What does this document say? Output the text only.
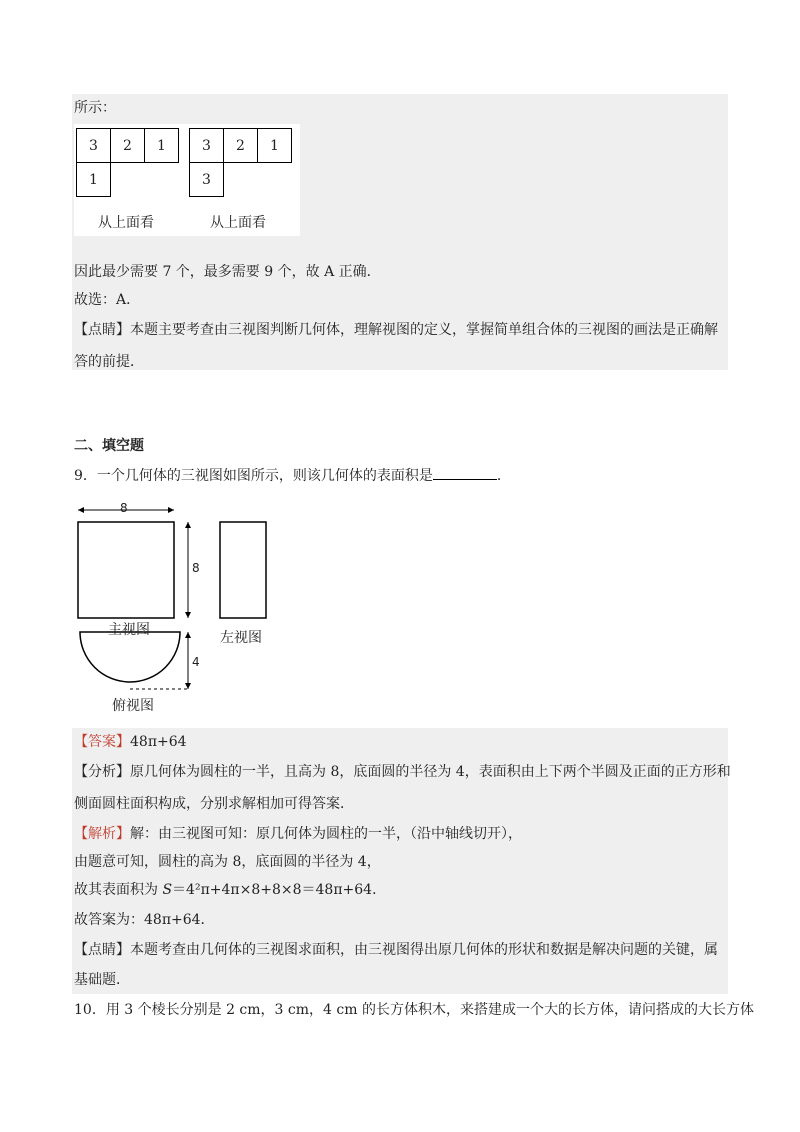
所示：
3	2	1
1
从上面看
3	2	1
3
从上面看
因此最少需要 7 个，最多需要 9 个，故 A 正确．
故选：A．
【点睛】本题主要考查由三视图判断几何体，理解视图的定义，掌握简单组合体的三视图的画法是正确解
答的前提．
二、填空题
9．一个几何体的三视图如图所示，则该几何体的表面积是	．
8
8
4
主视图	左视图
俯视图
【答案】48π+64
【分析】原几何体为圆柱的一半，且高为 8，底面圆的半径为 4，表面积由上下两个半圆及正面的正方形和
侧面圆柱面积构成，分别求解相加可得答案．
【解析】解：由三视图可知：原几何体为圆柱的一半，（沿中轴线切开），
由题意可知，圆柱的高为 8，底面圆的半径为 4，
故其表面积为 S＝4²π+4π×8+8×8＝48π+64．
故答案为：48π+64．
【点睛】本题考查由几何体的三视图求面积，由三视图得出原几何体的形状和数据是解决问题的关键，属
基础题．
10．用 3 个棱长分别是 2 cm，3 cm，4 cm 的长方体积木，来搭建成一个大的长方体，请问搭成的大长方体
